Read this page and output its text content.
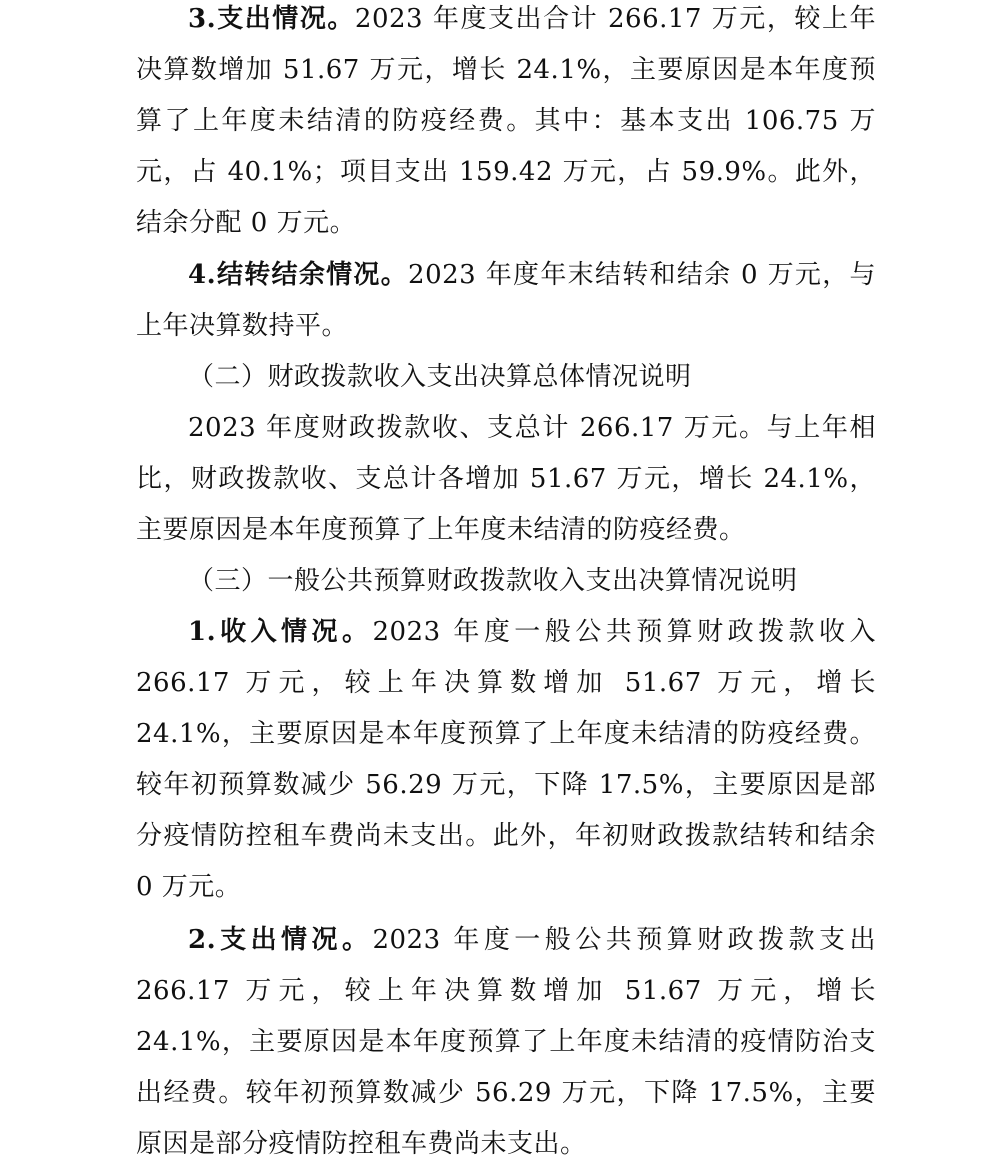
3.支出情况。2023 年度支出合计 266.17 万元，较上年决算数增加 51.67 万元，增长 24.1%，主要原因是本年度预算了上年度未结清的防疫经费。其中：基本支出 106.75 万元，占 40.1%；项目支出 159.42 万元，占 59.9%。此外，结余分配 0 万元。

4.结转结余情况。2023 年度年末结转和结余 0 万元，与上年决算数持平。

（二）财政拨款收入支出决算总体情况说明

2023 年度财政拨款收、支总计 266.17 万元。与上年相比，财政拨款收、支总计各增加 51.67 万元，增长 24.1%，主要原因是本年度预算了上年度未结清的防疫经费。

（三）一般公共预算财政拨款收入支出决算情况说明

1.收入情况。2023 年度一般公共预算财政拨款收入 266.17 万元，较上年决算数增加 51.67 万元，增长 24.1%，主要原因是本年度预算了上年度未结清的防疫经费。较年初预算数减少 56.29 万元，下降 17.5%，主要原因是部分疫情防控租车费尚未支出。此外，年初财政拨款结转和结余 0 万元。

2.支出情况。2023 年度一般公共预算财政拨款支出 266.17 万元，较上年决算数增加 51.67 万元，增长 24.1%，主要原因是本年度预算了上年度未结清的疫情防治支出经费。较年初预算数减少 56.29 万元，下降 17.5%，主要原因是部分疫情防控租车费尚未支出。
